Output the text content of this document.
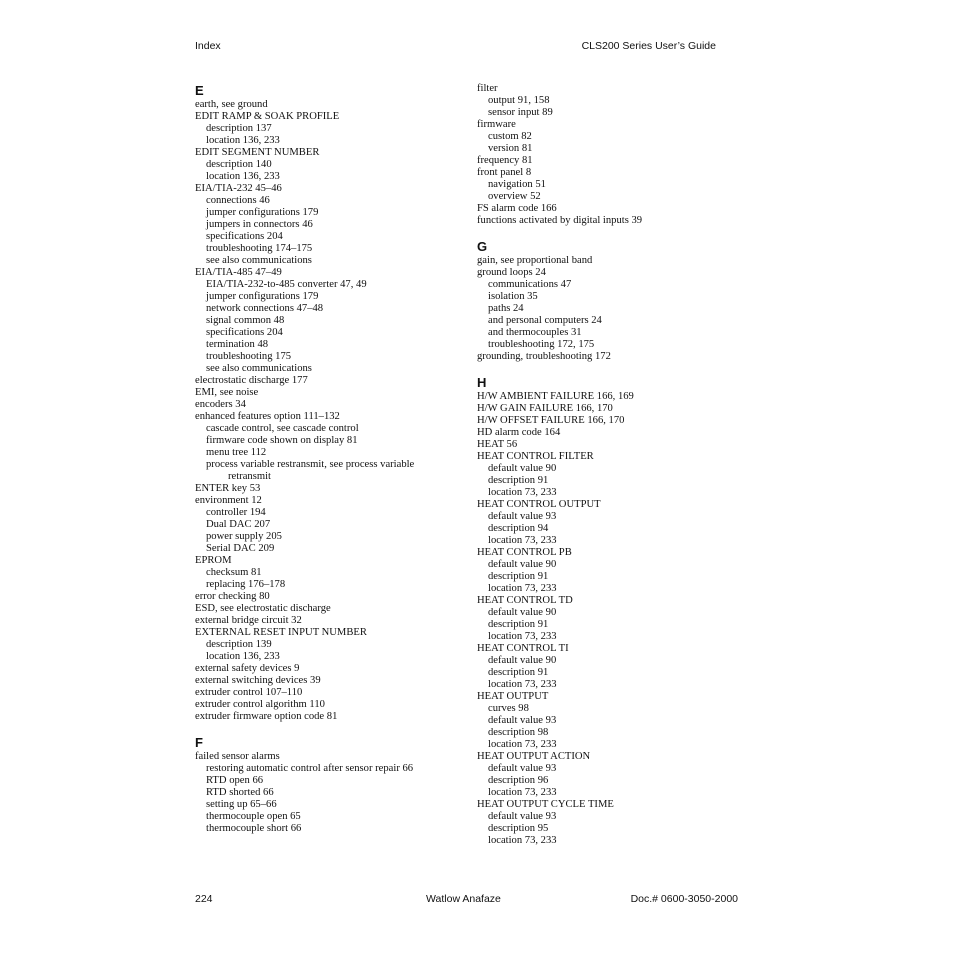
Index	CLS200 Series User’s Guide
E
earth, see ground
EDIT RAMP & SOAK PROFILE
description 137
location 136, 233
EDIT SEGMENT NUMBER
description 140
location 136, 233
EIA/TIA-232 45–46
connections 46
jumper configurations 179
jumpers in connectors 46
specifications 204
troubleshooting 174–175
see also communications
EIA/TIA-485 47–49
EIA/TIA-232-to-485 converter 47, 49
jumper configurations 179
network connections 47–48
signal common 48
specifications 204
termination 48
troubleshooting 175
see also communications
electrostatic discharge 177
EMI, see noise
encoders 34
enhanced features option 111–132
cascade control, see cascade control
firmware code shown on display 81
menu tree 112
process variable restransmit, see process variable
retransmit
ENTER key 53
environment 12
controller 194
Dual DAC 207
power supply 205
Serial DAC 209
EPROM
checksum 81
replacing 176–178
error checking 80
ESD, see electrostatic discharge
external bridge circuit 32
EXTERNAL RESET INPUT NUMBER
description 139
location 136, 233
external safety devices 9
external switching devices 39
extruder control 107–110
extruder control algorithm 110
extruder firmware option code 81
F
failed sensor alarms
restoring automatic control after sensor repair 66
RTD open 66
RTD shorted 66
setting up 65–66
thermocouple open 65
thermocouple short 66
filter
output 91, 158
sensor input 89
firmware
custom 82
version 81
frequency 81
front panel 8
navigation 51
overview 52
FS alarm code 166
functions activated by digital inputs 39
G
gain, see proportional band
ground loops 24
communications 47
isolation 35
paths 24
and personal computers 24
and thermocouples 31
troubleshooting 172, 175
grounding, troubleshooting 172
H
H/W AMBIENT FAILURE 166, 169
H/W GAIN FAILURE 166, 170
H/W OFFSET FAILURE 166, 170
HD alarm code 164
HEAT 56
HEAT CONTROL FILTER
default value 90
description 91
location 73, 233
HEAT CONTROL OUTPUT
default value 93
description 94
location 73, 233
HEAT CONTROL PB
default value 90
description 91
location 73, 233
HEAT CONTROL TD
default value 90
description 91
location 73, 233
HEAT CONTROL TI
default value 90
description 91
location 73, 233
HEAT OUTPUT
curves 98
default value 93
description 98
location 73, 233
HEAT OUTPUT ACTION
default value 93
description 96
location 73, 233
HEAT OUTPUT CYCLE TIME
default value 93
description 95
location 73, 233
224	Watlow Anafaze	Doc.# 0600-3050-2000
